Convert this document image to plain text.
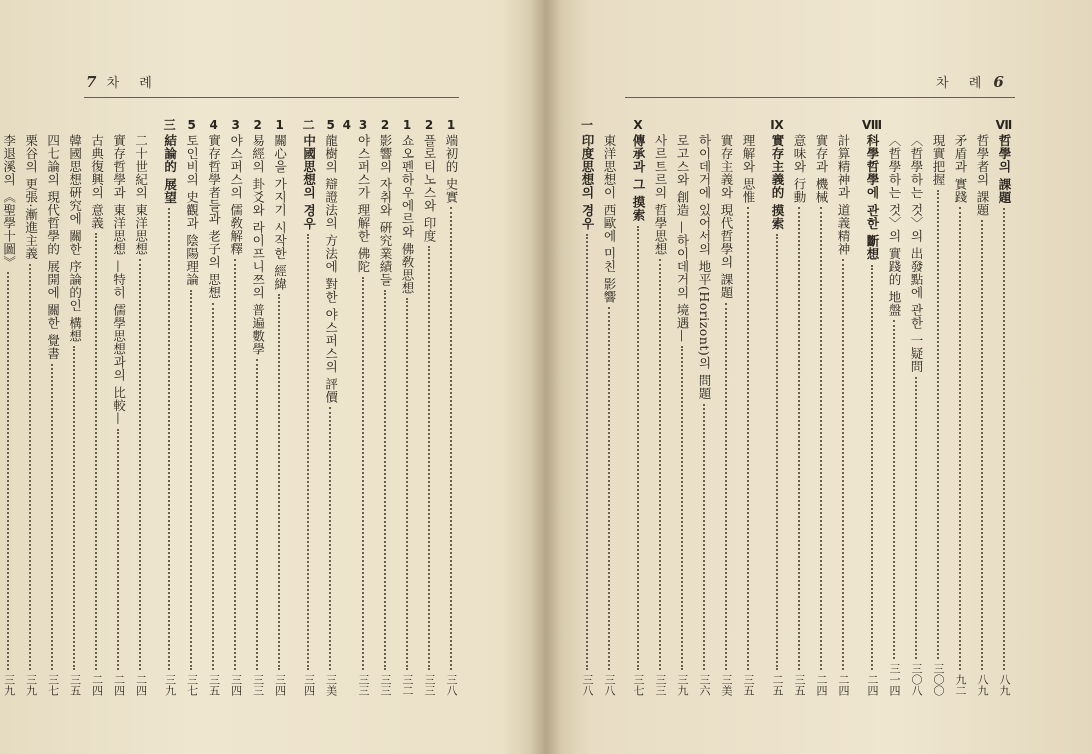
7 차 례	차 례 6
1
端初的 史實
三八
2
플로티노스와 印度
三三
1
쇼오펜하우에르와 佛敎思想
三二
2
影響의 자취와 硏究業績들
三三
3
야스퍼스가 理解한 佛陀
三三
4
5
龍樹의 辯證法의 方法에 對한 야스퍼스의 評價
三美
二
中國思想의 경우
三四
1
關心을 가지기 시작한 經緯
三四
2
易經의 卦爻와 라이프니쯔의 普遍數學
三三
3
야스퍼스의 儒敎解釋
三四
4
實存哲學者들과 老子의 思想
三五
5
토인비의 史觀과 陰陽理論
三七
三
結論的 展望
三九
二十世紀의 東洋思想
二四
實存哲學과 東洋思想 —特히 儒學思想과의 比較—
二四
古典復興의 意義
二四
韓國思想硏究에 關한 序論的인 構想
三五
四七論의 現代哲學的 展開에 關한 覺書
三七
栗谷의 更張·漸進主義
三九
李退溪의 《聖學十圖》
三九
Ⅶ
哲學의 課題
八九
哲學者의 課題
八九
矛盾과 實踐
九二
現實把握
三〇〇
〈哲學하는 것〉의 出發點에 관한 一疑問
三〇八
〈哲學하는 것〉의 實踐的 地盤
三一四
Ⅷ
科學哲學에 관한 斷想
二四
計算精神과 道義精神
二四
實存과 機械
二四
意味와 行動
三五
Ⅸ
實存主義的 摸索
二五
理解와 思惟
三五
實存主義와 現代哲學의 課題
三美
하이데거에 있어서의 地平(Horizont)의 問題
三六
로고스와 創造 —하이데거의 境遇—
三九
사르트르의 哲學思想
三三
Ⅹ
傳承과 그 摸索
三七
東洋思想이 西歐에 미친 影響
三八
一
印度思想의 경우
三八
